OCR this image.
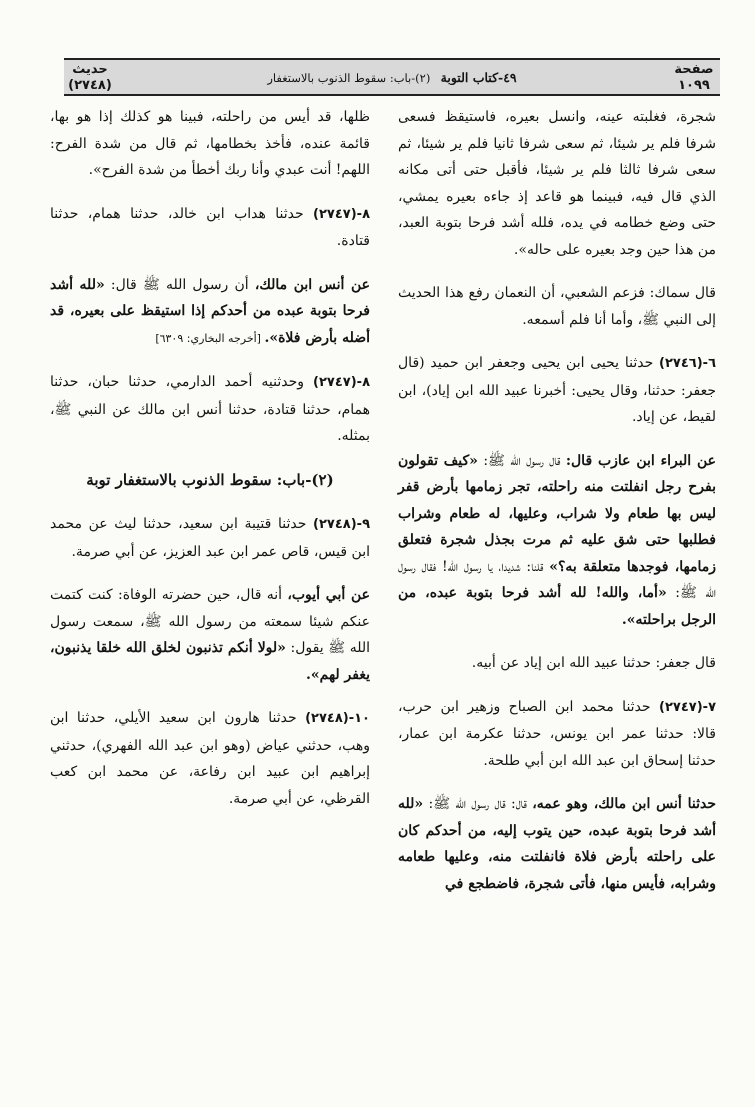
صفحة
١٠٩٩
٤٩-كتاب التوبة (٢)-باب: سقوط الذنوب بالاستغفار
حديث
(٢٧٤٨)

شجرة، فغلبته عينه، وانسل بعيره، فاستيقظ فسعى شرفا فلم ير شيئا، ثم سعى شرفا ثانيا فلم ير شيئا، ثم سعى شرفا ثالثا فلم ير شيئا، فأقبل حتى أتى مكانه الذي قال فيه، فبينما هو قاعد إذ جاءه بعيره يمشي، حتى وضع خطامه في يده، فلله أشد فرحا بتوبة العبد، من هذا حين وجد بعيره على حاله».

قال سماك: فزعم الشعبي، أن النعمان رفع هذا الحديث إلى النبي ﷺ، وأما أنا فلم أسمعه.

٦-(٢٧٤٦) حدثنا يحيى ابن يحيى وجعفر ابن حميد (قال جعفر: حدثنا، وقال يحيى: أخبرنا عبيد الله ابن إياد)، ابن لقيط، عن إياد.

عن البراء ابن عازب قال: قال رسول الله ﷺ: «كيف تقولون بفرح رجل انفلتت منه راحلته، تجر زمامها بأرض قفر ليس بها طعام ولا شراب، وعليها، له طعام وشراب فطلبها حتى شق عليه ثم مرت بجذل شجرة فتعلق زمامها، فوجدها متعلقة به؟» قلنا: شديدا، يا رسول الله! فقال رسول الله ﷺ: «أما، والله! لله أشد فرحا بتوبة عبده، من الرجل براحلته».

قال جعفر: حدثنا عبيد الله ابن إياد عن أبيه.

٧-(٢٧٤٧) حدثنا محمد ابن الصباح وزهير ابن حرب، قالا: حدثنا عمر ابن يونس، حدثنا عكرمة ابن عمار، حدثنا إسحاق ابن عبد الله ابن أبي طلحة.

حدثنا أنس ابن مالك، وهو عمه، قال: قال رسول الله ﷺ: «لله أشد فرحا بتوبة عبده، حين يتوب إليه، من أحدكم كان على راحلته بأرض فلاة فانفلتت منه، وعليها طعامه وشرابه، فأيس منها، فأتى شجرة، فاضطجع في

ظلها، قد أيس من راحلته، فبينا هو كذلك إذا هو بها، قائمة عنده، فأخذ بخطامها، ثم قال من شدة الفرح: اللهم! أنت عبدي وأنا ربك أخطأ من شدة الفرح».

٨-(٢٧٤٧) حدثنا هداب ابن خالد، حدثنا همام، حدثنا قتادة.

عن أنس ابن مالك، أن رسول الله ﷺ قال: «لله أشد فرحا بتوبة عبده من أحدكم إذا استيقظ على بعيره، قد أضله بأرض فلاة». [أخرجه البخاري: ٦٣٠٩]

٨-(٢٧٤٧) وحدثنيه أحمد الدارمي، حدثنا حبان، حدثنا همام، حدثنا قتادة، حدثنا أنس ابن مالك عن النبي ﷺ، بمثله.

(٢)-باب: سقوط الذنوب بالاستغفار توبة

٩-(٢٧٤٨) حدثنا قتيبة ابن سعيد، حدثنا ليث عن محمد ابن قيس، قاص عمر ابن عبد العزيز، عن أبي صرمة.

عن أبي أيوب، أنه قال، حين حضرته الوفاة: كنت كتمت عنكم شيئا سمعته من رسول الله ﷺ، سمعت رسول الله ﷺ يقول: «لولا أنكم تذنبون لخلق الله خلقا يذنبون، يغفر لهم».

١٠-(٢٧٤٨) حدثنا هارون ابن سعيد الأيلي، حدثنا ابن وهب، حدثني عياض (وهو ابن عبد الله الفهري)، حدثني إبراهيم ابن عبيد ابن رفاعة، عن محمد ابن كعب القرظي، عن أبي صرمة.
